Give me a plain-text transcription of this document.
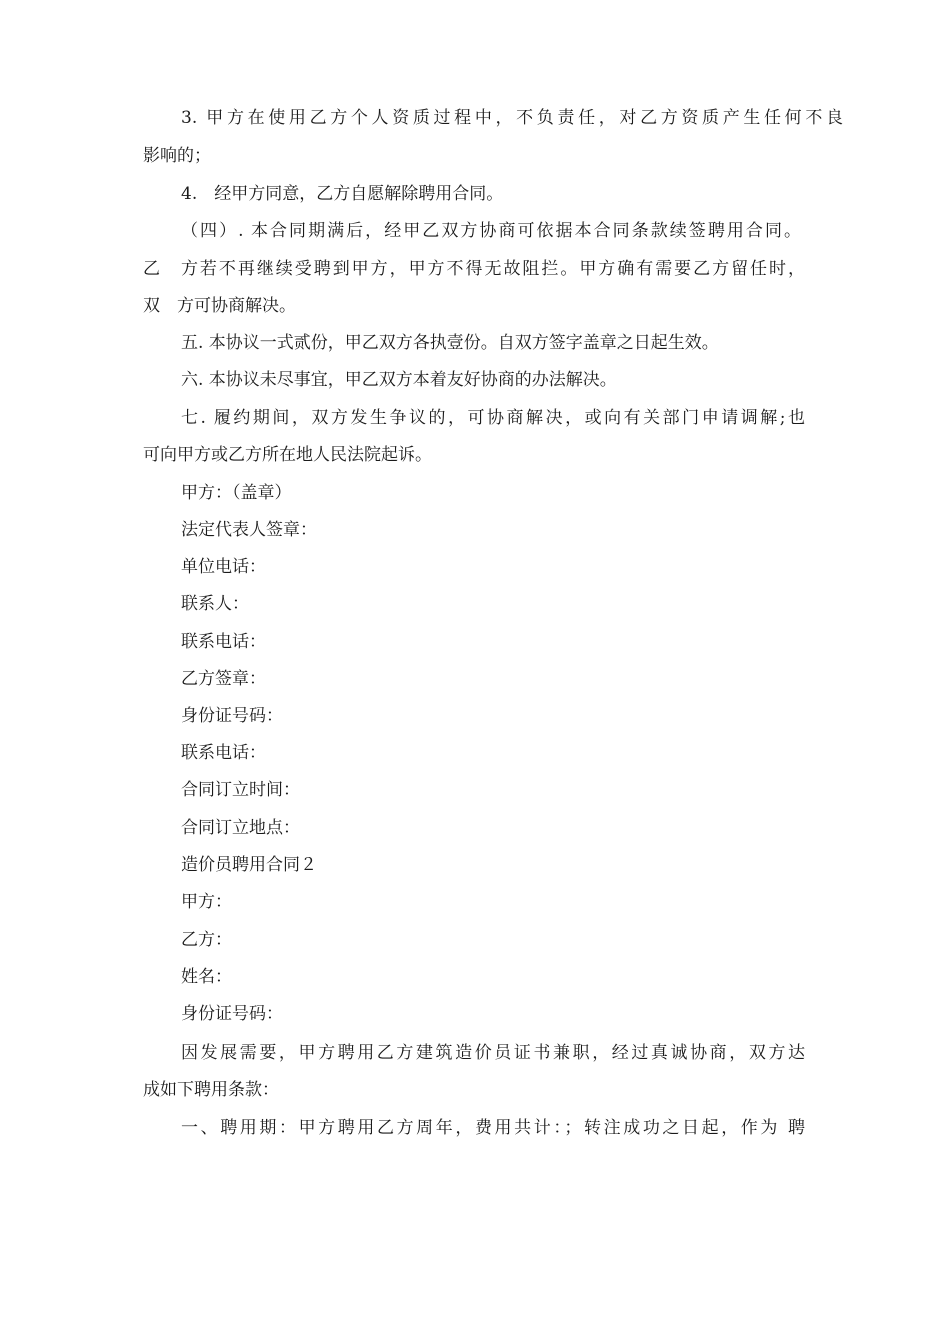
3. 甲方在使用乙方个人资质过程中，不负责任，对乙方资质产生任何不良
影响的；
4.　经甲方同意，乙方自愿解除聘用合同。
（四）. 本合同期满后，经甲乙双方协商可依据本合同条款续签聘用合同。
乙　方若不再继续受聘到甲方，甲方不得无故阻拦。甲方确有需要乙方留任时，
双　方可协商解决。
五. 本协议一式贰份，甲乙双方各执壹份。自双方签字盖章之日起生效。
六. 本协议未尽事宜，甲乙双方本着友好协商的办法解决。
七. 履约期间，双方发生争议的，可协商解决，或向有关部门申请调解;也
可向甲方或乙方所在地人民法院起诉。
甲方：（盖章）
法定代表人签章：
单位电话：
联系人：
联系电话：
乙方签章：
身份证号码：
联系电话：
合同订立时间：
合同订立地点：
造价员聘用合同２
甲方：
乙方：
姓名：
身份证号码：
因发展需要，甲方聘用乙方建筑造价员证书兼职，经过真诚协商，双方达
成如下聘用条款：
一、聘用期：甲方聘用乙方周年，费用共计：；转注成功之日起，作为 聘
